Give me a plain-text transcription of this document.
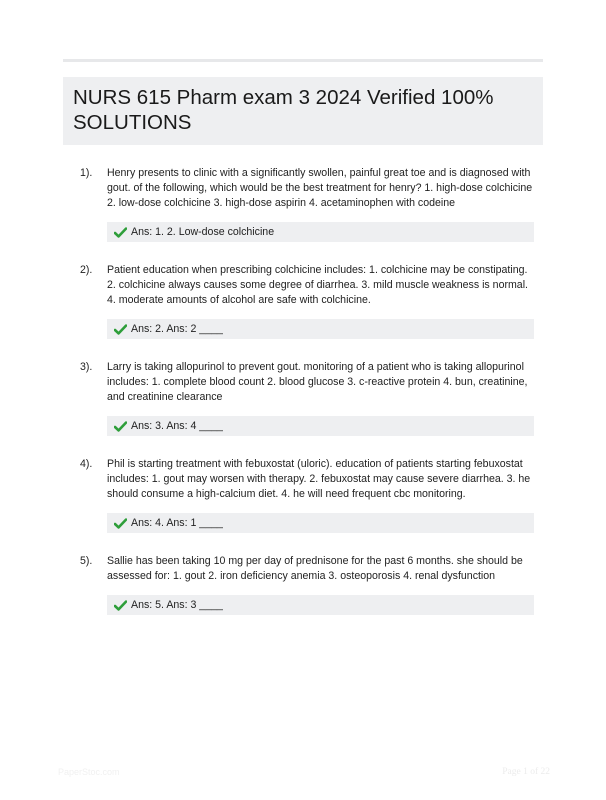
NURS 615 Pharm exam 3 2024 Verified 100% SOLUTIONS
1). Henry presents to clinic with a significantly swollen, painful great toe and is diagnosed with gout. of the following, which would be the best treatment for henry? 1. high-dose colchicine 2. low-dose colchicine 3. high-dose aspirin 4. acetaminophen with codeine
Ans: 1. 2. Low-dose colchicine
2). Patient education when prescribing colchicine includes: 1. colchicine may be constipating. 2. colchicine always causes some degree of diarrhea. 3. mild muscle weakness is normal. 4. moderate amounts of alcohol are safe with colchicine.
Ans: 2. Ans: 2 ____
3). Larry is taking allopurinol to prevent gout. monitoring of a patient who is taking allopurinol includes: 1. complete blood count 2. blood glucose 3. c-reactive protein 4. bun, creatinine, and creatinine clearance
Ans: 3. Ans: 4 ____
4). Phil is starting treatment with febuxostat (uloric). education of patients starting febuxostat includes: 1. gout may worsen with therapy. 2. febuxostat may cause severe diarrhea. 3. he should consume a high-calcium diet. 4. he will need frequent cbc monitoring.
Ans: 4. Ans: 1 ____
5). Sallie has been taking 10 mg per day of prednisone for the past 6 months. she should be assessed for: 1. gout 2. iron deficiency anemia 3. osteoporosis 4. renal dysfunction
Ans: 5. Ans: 3 ____
PaperStoc.com	Page 1 of 22
